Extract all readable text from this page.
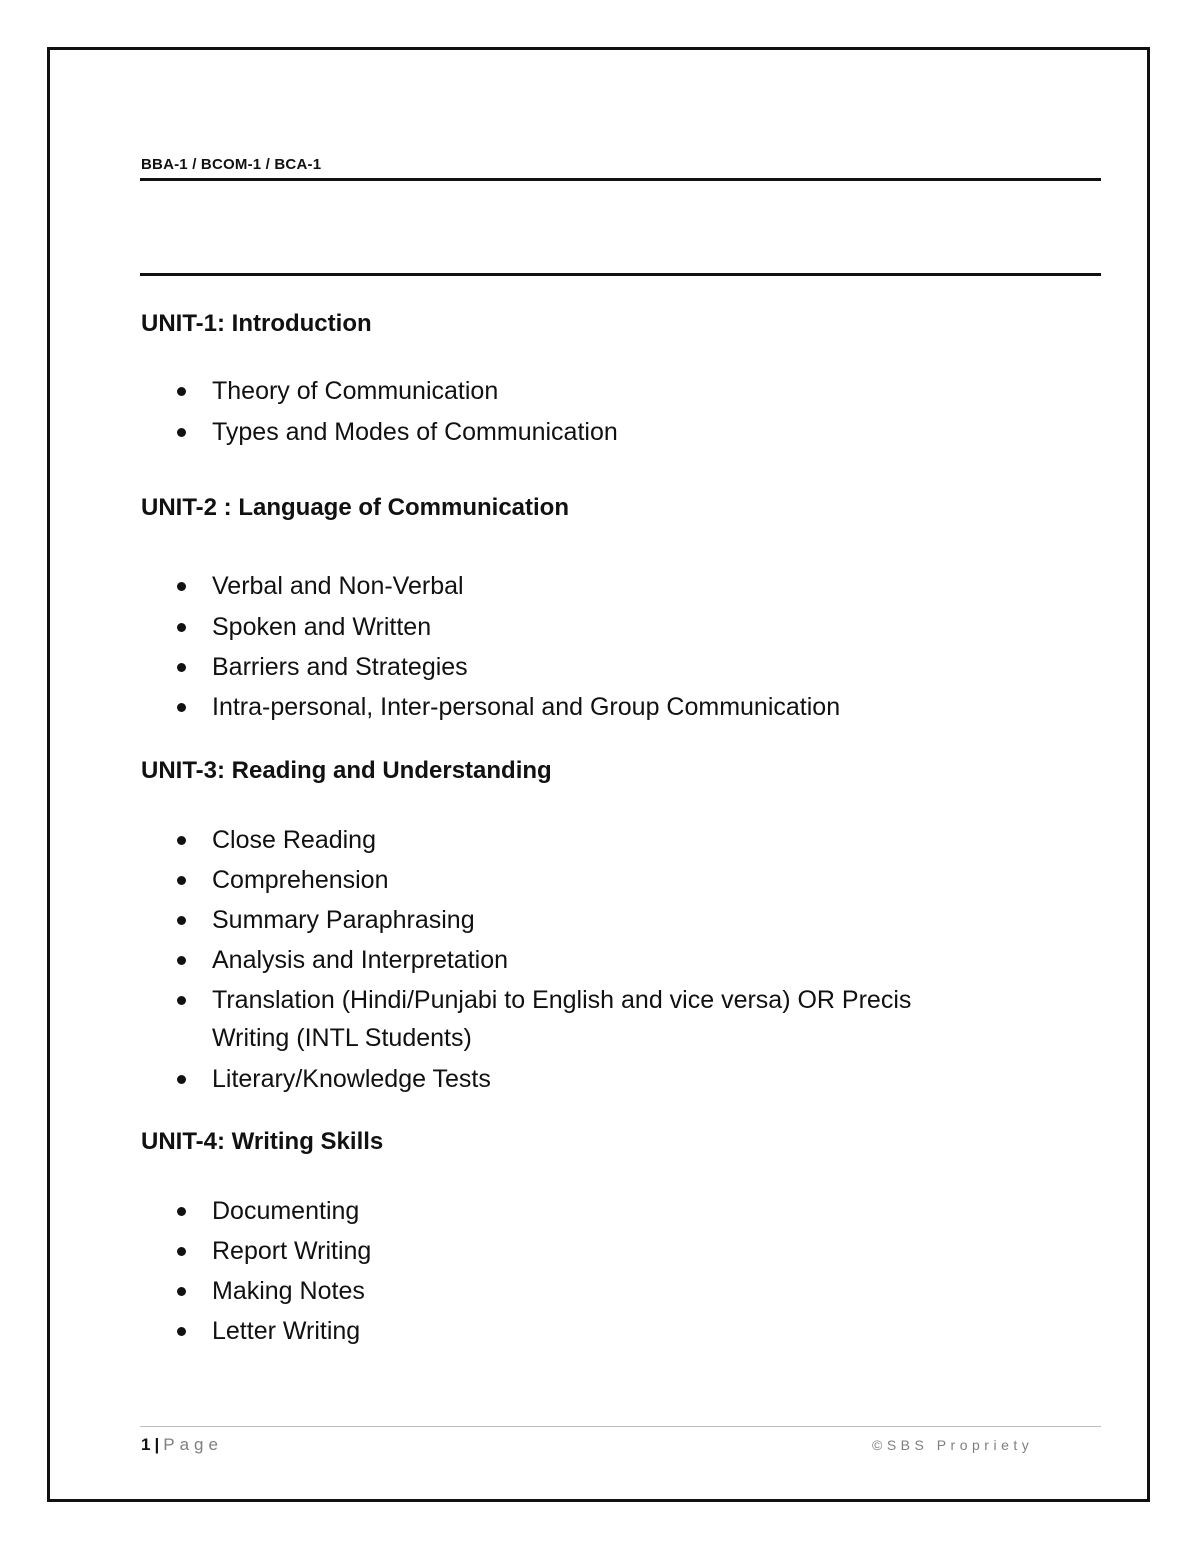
BBA-1 / BCOM-1 / BCA-1
UNIT-1: Introduction
Theory of Communication
Types and Modes of Communication
UNIT-2 : Language of Communication
Verbal and Non-Verbal
Spoken and Written
Barriers and Strategies
Intra-personal, Inter-personal and Group Communication
UNIT-3: Reading and Understanding
Close Reading
Comprehension
Summary Paraphrasing
Analysis and Interpretation
Translation (Hindi/Punjabi to English and vice versa) OR Precis Writing (INTL Students)
Literary/Knowledge Tests
UNIT-4: Writing Skills
Documenting
Report Writing
Making Notes
Letter Writing
1 | Page	©SBS Propriety
